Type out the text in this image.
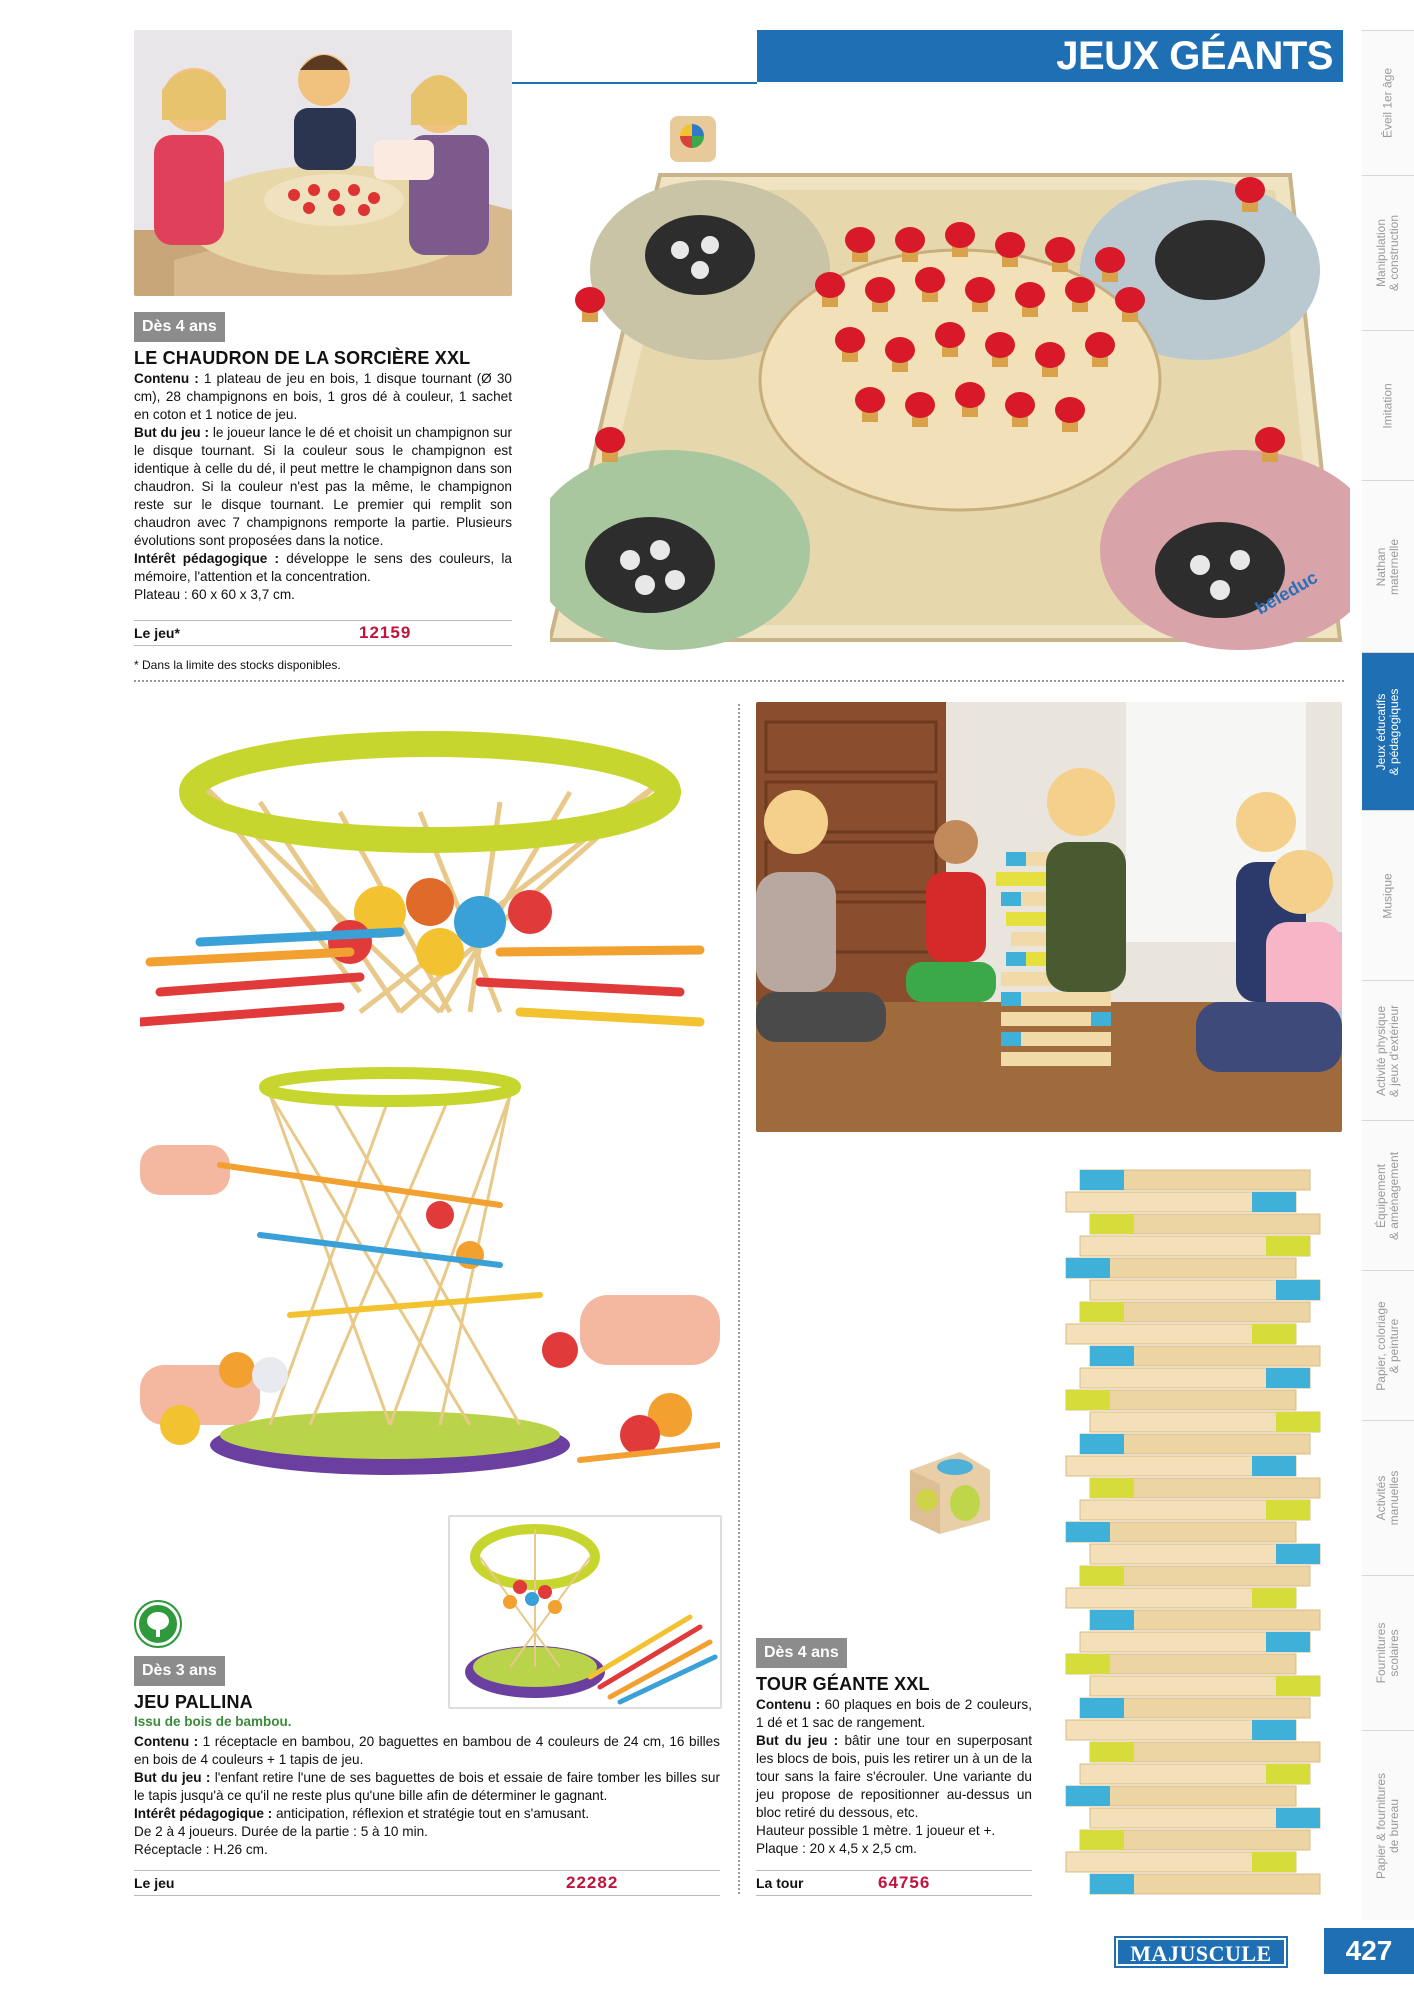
JEUX GÉANTS
Éveil 1er âge
Manipulation
& construction
Imitation
Nathan
maternelle
Jeux éducatifs
& pédagogiques
Musique
Activité physique
& jeux d'extérieur
Équipement
& aménagement
Papier, coloriage
& peinture
Activités
manuelles
Fournitures
scolaires
Papier & fournitures
de bureau
beleduc
Dès 4 ans
LE CHAUDRON DE LA SORCIÈRE XXL
Contenu : 1 plateau de jeu en bois, 1 disque tournant (Ø 30 cm), 28 champignons en bois, 1 gros dé à couleur, 1 sachet en coton et 1 notice de jeu.
But du jeu : le joueur lance le dé et choisit un champignon sur le disque tournant. Si la couleur sous le champignon est identique à celle du dé, il peut mettre le champignon dans son chaudron. Si la couleur n'est pas la même, le champignon reste sur le disque tournant. Le premier qui remplit son chaudron avec 7 champignons remporte la partie. Plusieurs évolutions sont proposées dans la notice.
Intérêt pédagogique : développe le sens des couleurs, la mémoire, l'attention et la concentration.
Plateau : 60 x 60 x 3,7 cm.
Le jeu*	12159
* Dans la limite des stocks disponibles.
Dès 3 ans
JEU PALLINA
Issu de bois de bambou.
Contenu : 1 réceptacle en bambou, 20 baguettes en bambou de 4 couleurs de 24 cm, 16 billes en bois de 4 couleurs + 1 tapis de jeu.
But du jeu : l'enfant retire l'une de ses baguettes de bois et essaie de faire tomber les billes sur le tapis jusqu'à ce qu'il ne reste plus qu'une bille afin de déterminer le gagnant.
Intérêt pédagogique : anticipation, réflexion et stratégie tout en s'amusant.
De 2 à 4 joueurs. Durée de la partie : 5 à 10 min.
Réceptacle : H.26 cm.
Le jeu	22282
Dès 4 ans
TOUR GÉANTE XXL
Contenu : 60 plaques en bois de 2 couleurs, 1 dé et 1 sac de rangement.
But du jeu : bâtir une tour en superposant les blocs de bois, puis les retirer un à un de la tour sans la faire s'écrouler. Une variante du jeu propose de repositionner au-dessus un bloc retiré du dessous, etc.
Hauteur possible 1 mètre. 1 joueur et +.
Plaque : 20 x 4,5 x 2,5 cm.
La tour	64756
MAJUSCULE	427
